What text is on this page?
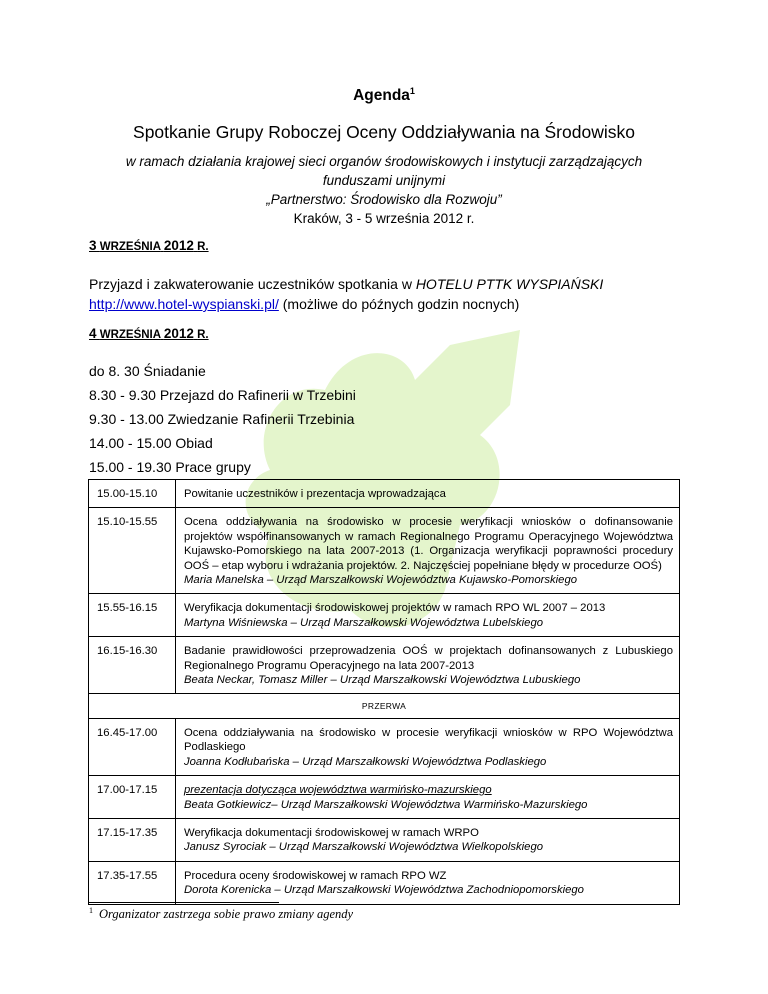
Agenda$^1$
Spotkanie Grupy Roboczej Oceny Oddziaływania na Środowisko
w ramach działania krajowej sieci organów środowiskowych i instytucji zarządzających
funduszami unijnymi
„Partnerstwo: Środowisko dla Rozwoju”
Kraków, 3 - 5 września 2012 r.
3 WRZEŚNIA 2012 R.
Przyjazd i zakwaterowanie uczestników spotkania w HOTELU PTTK WYSPIAŃSKI
http://www.hotel-wyspianski.pl/ (możliwe do późnych godzin nocnych)
4 WRZEŚNIA 2012 R.
do 8. 30 Śniadanie
8.30 - 9.30 Przejazd do Rafinerii w Trzebini
9.30 - 13.00 Zwiedzanie Rafinerii Trzebinia
14.00 - 15.00 Obiad
15.00 - 19.30 Prace grupy
15.00-15.10	Powitanie uczestników i prezentacja wprowadzająca
15.10-15.55	Ocena oddziaływania na środowisko w procesie weryfikacji wniosków o dofinansowanie projektów współfinansowanych w ramach Regionalnego Programu Operacyjnego Województwa Kujawsko-Pomorskiego na lata 2007-2013 (1. Organizacja weryfikacji poprawności procedury OOŚ – etap wyboru i wdrażania projektów. 2. Najczęściej popełniane błędy w procedurze OOŚ)
Maria Manelska – Urząd Marszałkowski Województwa Kujawsko-Pomorskiego

15.55-16.15	Weryfikacja dokumentacji środowiskowej projektów w ramach RPO WL 2007 – 2013
Martyna Wiśniewska – Urząd Marszałkowski Województwa Lubelskiego

16.15-16.30	Badanie prawidłowości przeprowadzenia OOŚ w projektach dofinansowanych z Lubuskiego Regionalnego Programu Operacyjnego na lata 2007-2013
Beata Neckar, Tomasz Miller – Urząd Marszałkowski Województwa Lubuskiego

PRZERWA	
16.45-17.00	Ocena oddziaływania na środowisko w procesie weryfikacji wniosków w RPO Województwa Podlaskiego
Joanna Kodłubańska – Urząd Marszałkowski Województwa Podlaskiego

17.00-17.15	prezentacja dotycząca województwa warmińsko-mazurskiego
Beata Gotkiewicz– Urząd Marszałkowski Województwa Warmińsko-Mazurskiego

17.15-17.35	Weryfikacja dokumentacji środowiskowej w ramach WRPO
Janusz Syrociak – Urząd Marszałkowski Województwa Wielkopolskiego

17.35-17.55	Procedura oceny środowiskowej w ramach RPO WZ
Dorota Korenicka – Urząd Marszałkowski Województwa Zachodniopomorskiego
$^1$ Organizator zastrzega sobie prawo zmiany agendy
